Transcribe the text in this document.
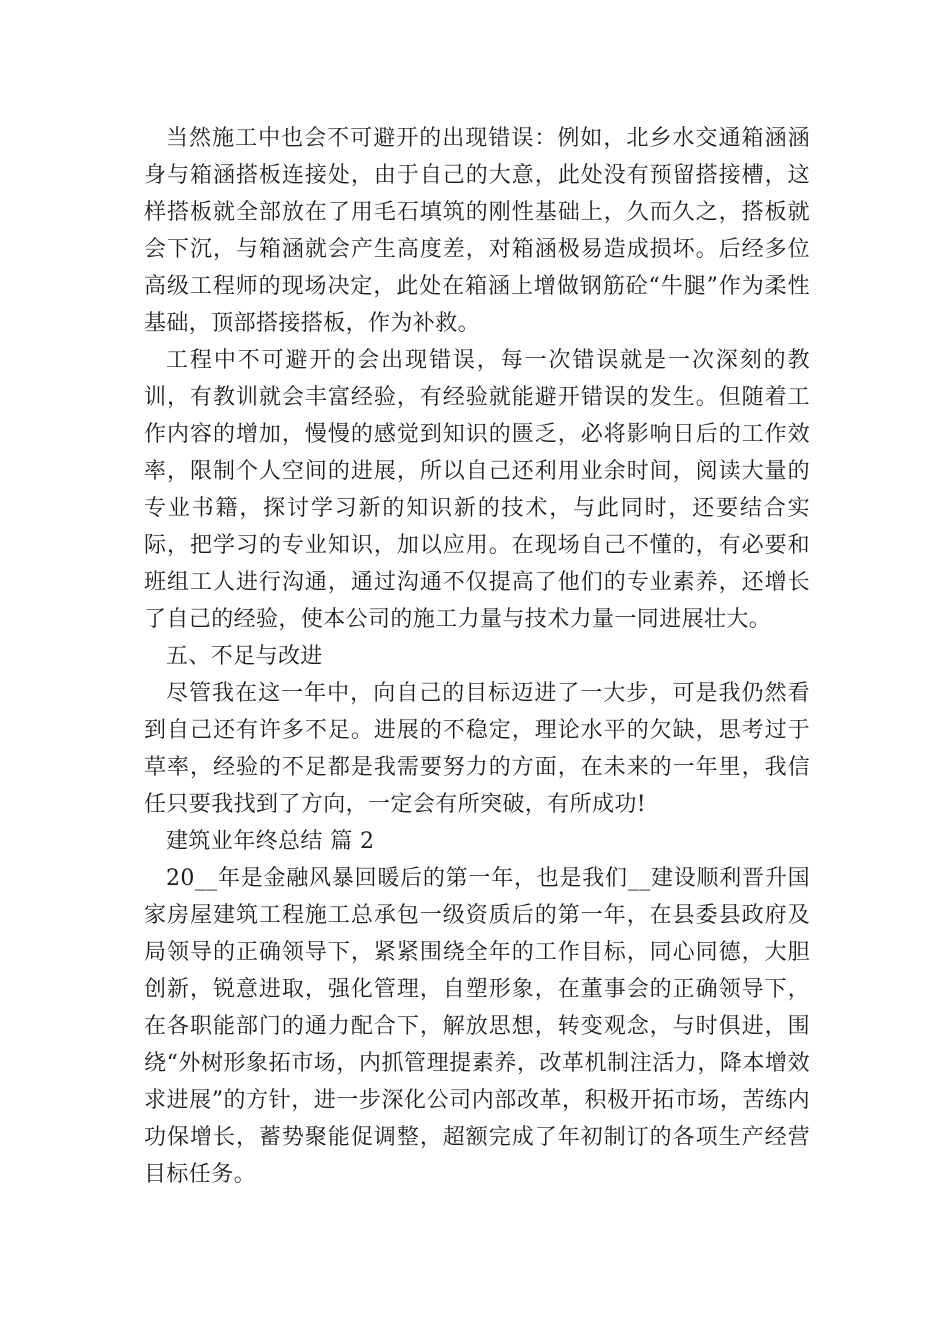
当然施工中也会不可避开的出现错误：例如，北乡水交通箱涵涵身与箱涵搭板连接处，由于自己的大意，此处没有预留搭接槽，这样搭板就全部放在了用毛石填筑的刚性基础上，久而久之，搭板就会下沉，与箱涵就会产生高度差，对箱涵极易造成损坏。后经多位高级工程师的现场决定，此处在箱涵上增做钢筋砼“牛腿”作为柔性基础，顶部搭接搭板，作为补救。

工程中不可避开的会出现错误，每一次错误就是一次深刻的教训，有教训就会丰富经验，有经验就能避开错误的发生。但随着工作内容的增加，慢慢的感觉到知识的匮乏，必将影响日后的工作效率，限制个人空间的进展，所以自己还利用业余时间，阅读大量的专业书籍，探讨学习新的知识新的技术，与此同时，还要结合实际，把学习的专业知识，加以应用。在现场自己不懂的，有必要和班组工人进行沟通，通过沟通不仅提高了他们的专业素养，还增长了自己的经验，使本公司的施工力量与技术力量一同进展壮大。

五、不足与改进

尽管我在这一年中，向自己的目标迈进了一大步，可是我仍然看到自己还有许多不足。进展的不稳定，理论水平的欠缺，思考过于草率，经验的不足都是我需要努力的方面，在未来的一年里，我信任只要我找到了方向，一定会有所突破，有所成功!

建筑业年终总结 篇 2

20__年是金融风暴回暖后的第一年，也是我们__建设顺利晋升国家房屋建筑工程施工总承包一级资质后的第一年，在县委县政府及局领导的正确领导下，紧紧围绕全年的工作目标，同心同德，大胆创新，锐意进取，强化管理，自塑形象，在董事会的正确领导下，在各职能部门的通力配合下，解放思想，转变观念，与时俱进，围绕“外树形象拓市场，内抓管理提素养，改革机制注活力，降本增效求进展”的方针，进一步深化公司内部改革，积极开拓市场，苦练内功保增长，蓄势聚能促调整，超额完成了年初制订的各项生产经营目标任务。
